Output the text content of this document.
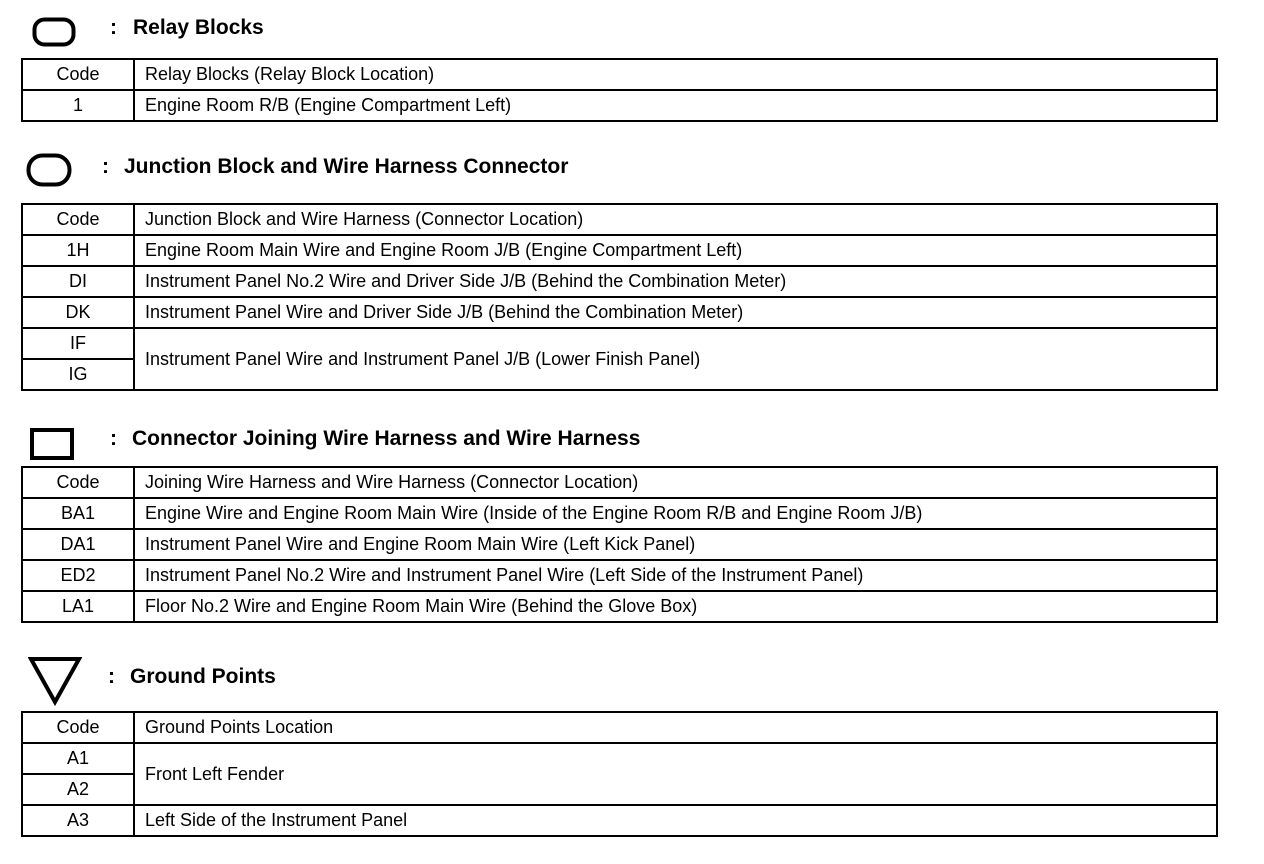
: Relay Blocks
Code	Relay Blocks (Relay Block Location)
1	Engine Room R/B (Engine Compartment Left)
: Junction Block and Wire Harness Connector
Code	Junction Block and Wire Harness (Connector Location)
1H	Engine Room Main Wire and Engine Room J/B (Engine Compartment Left)
DI	Instrument Panel No.2 Wire and Driver Side J/B (Behind the Combination Meter)
DK	Instrument Panel Wire and Driver Side J/B (Behind the Combination Meter)
IF	Instrument Panel Wire and Instrument Panel J/B (Lower Finish Panel)
IG	
: Connector Joining Wire Harness and Wire Harness
Code	Joining Wire Harness and Wire Harness (Connector Location)
BA1	Engine Wire and Engine Room Main Wire (Inside of the Engine Room R/B and Engine Room J/B)
DA1	Instrument Panel Wire and Engine Room Main Wire (Left Kick Panel)
ED2	Instrument Panel No.2 Wire and Instrument Panel Wire (Left Side of the Instrument Panel)
LA1	Floor No.2 Wire and Engine Room Main Wire (Behind the Glove Box)
: Ground Points
Code	Ground Points Location
A1	Front Left Fender
A2	
A3	Left Side of the Instrument Panel
